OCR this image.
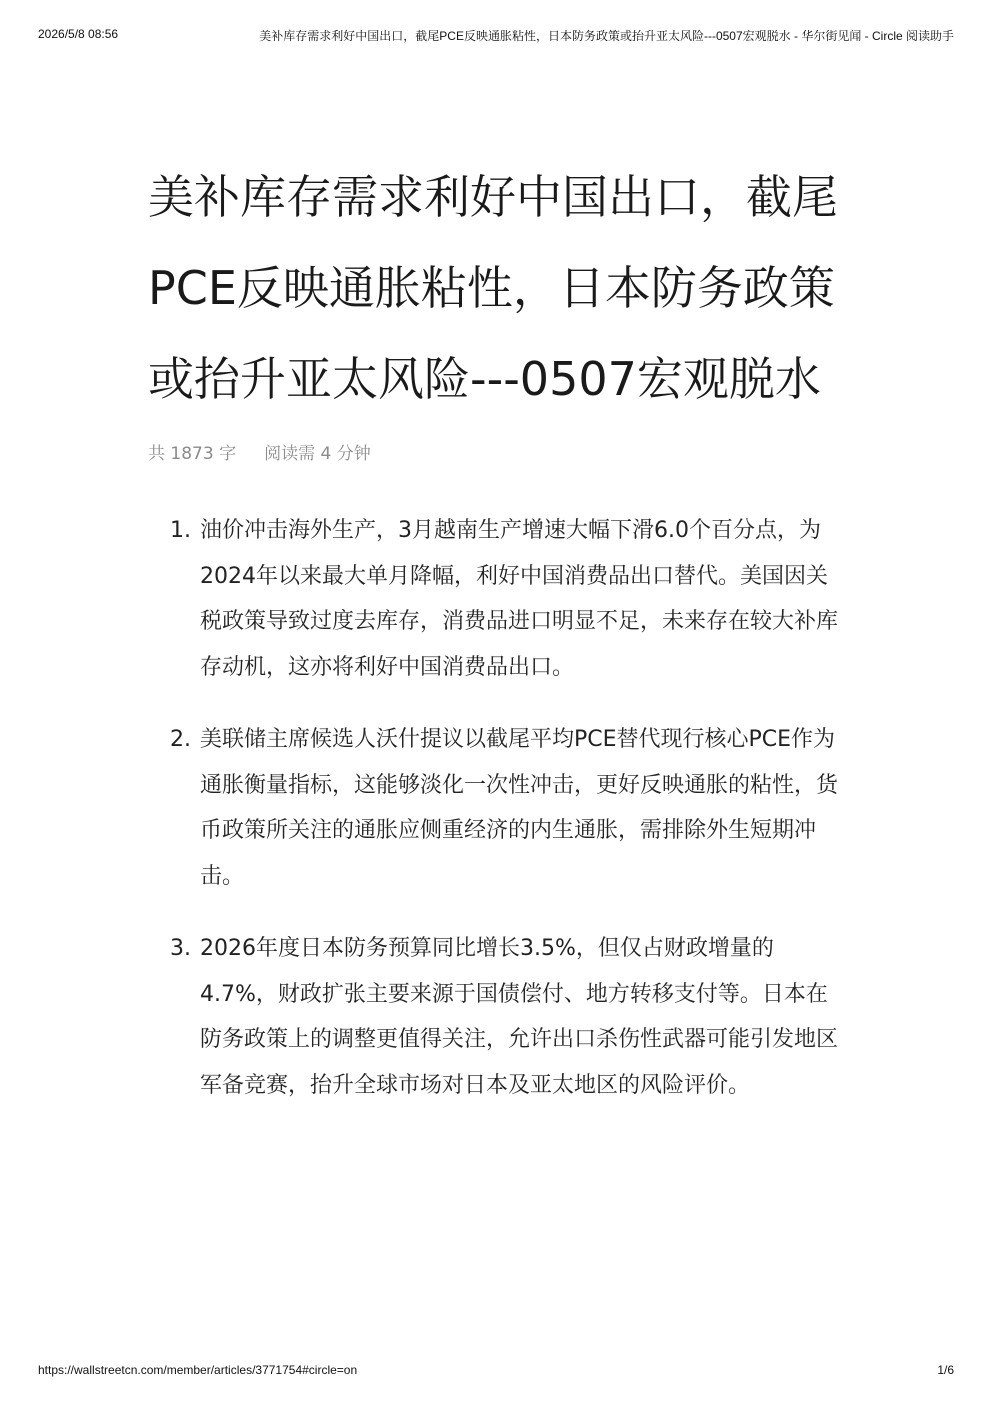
2026/5/8 08:56	美补库存需求利好中国出口，截尾PCE反映通胀粘性，日本防务政策或抬升亚太风险---0507宏观脱水 - 华尔街见闻 - Circle 阅读助手
美补库存需求利好中国出口，截尾PCE反映通胀粘性，日本防务政策或抬升亚太风险---0507宏观脱水
共 1873 字 阅读需 4 分钟
1. 油价冲击海外生产，3月越南生产增速大幅下滑6.0个百分点，为2024年以来最大单月降幅，利好中国消费品出口替代。美国因关税政策导致过度去库存，消费品进口明显不足，未来存在较大补库存动机，这亦将利好中国消费品出口。
2. 美联储主席候选人沃什提议以截尾平均PCE替代现行核心PCE作为通胀衡量指标，这能够淡化一次性冲击，更好反映通胀的粘性，货币政策所关注的通胀应侧重经济的内生通胀，需排除外生短期冲击。
3. 2026年度日本防务预算同比增长3.5%，但仅占财政增量的4.7%，财政扩张主要来源于国债偿付、地方转移支付等。日本在防务政策上的调整更值得关注，允许出口杀伤性武器可能引发地区军备竞赛，抬升全球市场对日本及亚太地区的风险评价。
https://wallstreetcn.com/member/articles/3771754#circle=on	1/6
